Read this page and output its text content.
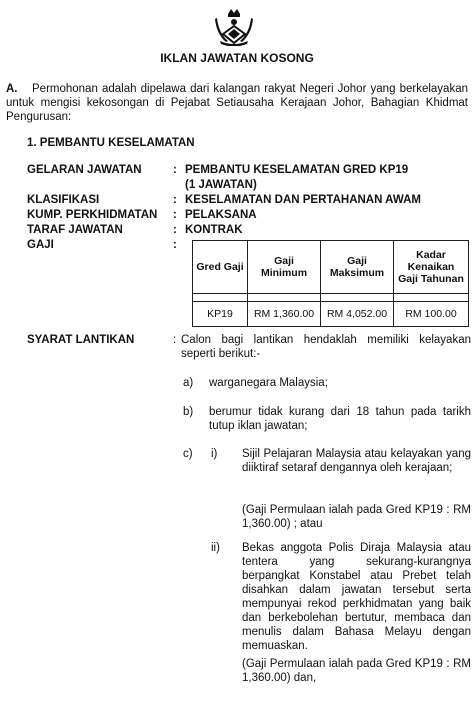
IKLAN JAWATAN KOSONG
A. Permohonan adalah dipelawa dari kalangan rakyat Negeri Johor yang berkelayakan untuk mengisi kekosongan di Pejabat Setiausaha Kerajaan Johor, Bahagian Khidmat Pengurusan:
1. PEMBANTU KESELAMATAN
GELARAN JAWATAN	: PEMBANTU KESELAMATAN GRED KP19
(1 JAWATAN)
KLASIFIKASI	: KESELAMATAN DAN PERTAHANAN AWAM
KUMP. PERKHIDMATAN : PELAKSANA
TARAF JAWATAN	: KONTRAK
GAJI	:
Gred Gaji	Gaji Minimum	Gaji Maksimum	Kadar Kenaikan Gaji Tahunan

KP19	RM 1,360.00	RM 4,052.00	RM 100.00
SYARAT LANTIKAN	: Calon bagi lantikan hendaklah memiliki kelayakan seperti berikut:-
a) warganegara Malaysia;
b) berumur tidak kurang dari 18 tahun pada tarikh tutup iklan jawatan;
c) i) Sijil Pelajaran Malaysia atau kelayakan yang diiktiraf setaraf dengannya oleh kerajaan;
(Gaji Permulaan ialah pada Gred KP19 : RM 1,360.00) ; atau
ii) Bekas anggota Polis Diraja Malaysia atau tentera yang sekurang-kurangnya berpangkat Konstabel atau Prebet telah disahkan dalam jawatan tersebut serta mempunyai rekod perkhidmatan yang baik dan berkebolehan bertutur, membaca dan menulis dalam Bahasa Melayu dengan memuaskan.
(Gaji Permulaan ialah pada Gred KP19 : RM 1,360.00) dan,
